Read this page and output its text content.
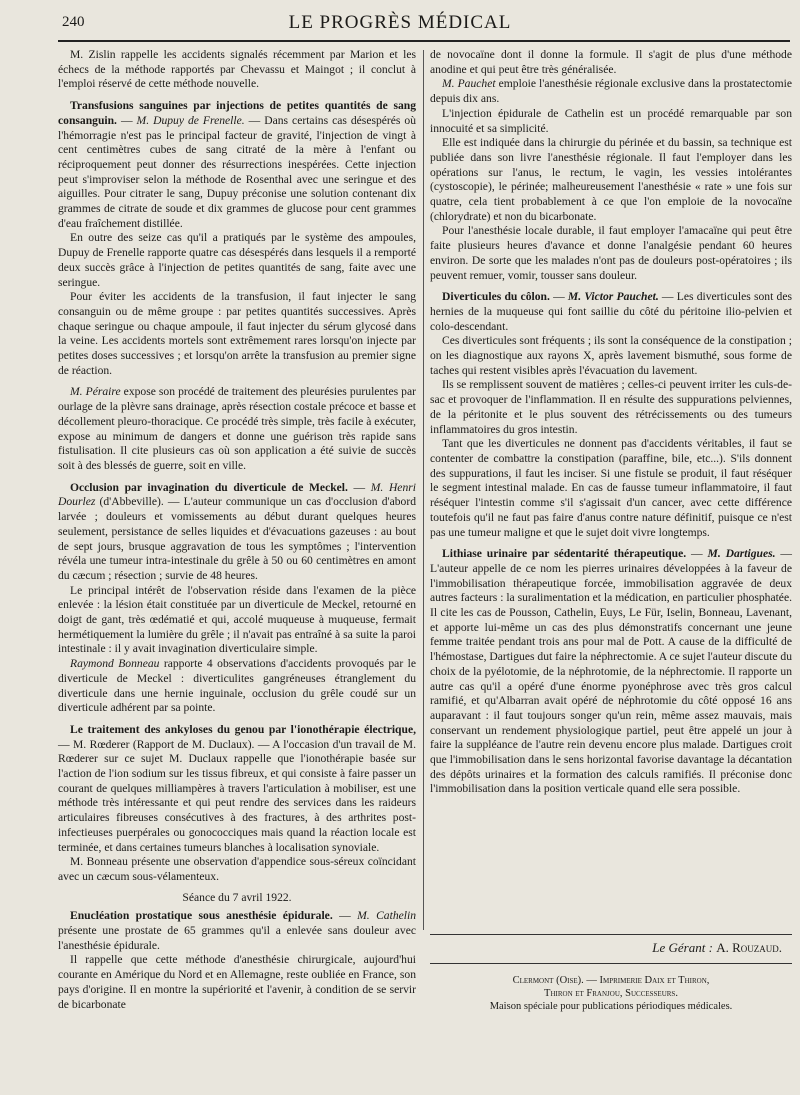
240	LE PROGRÈS MÉDICAL

M. Zislin rappelle les accidents signalés récemment par Marion et les échecs de la méthode rapportés par Chevassu et Maingot ; il conclut à l'emploi réservé de cette méthode nouvelle.

Transfusions sanguines par injections de petites quantités de sang consanguin. — M. Dupuy de Frenelle. — Dans certains cas désespérés où l'hémorragie n'est pas le principal facteur de gravité, l'injection de vingt à cent centimètres cubes de sang citraté de la mère à l'enfant ou réciproquement peut donner des résurrections inespérées. Cette injection peut s'improviser selon la méthode de Rosenthal avec une seringue et des aiguilles. Pour citrater le sang, Dupuy préconise une solution contenant dix grammes de citrate de soude et dix grammes de glucose pour cent grammes d'eau fraîchement distillée.

En outre des seize cas qu'il a pratiqués par le système des ampoules, Dupuy de Frenelle rapporte quatre cas désespérés dans lesquels il a remporté deux succès grâce à l'injection de petites quantités de sang, faite avec une seringue.

Pour éviter les accidents de la transfusion, il faut injecter le sang consanguin ou de même groupe : par petites quantités successives. Après chaque seringue ou chaque ampoule, il faut injecter du sérum glycosé dans la veine. Les accidents mortels sont extrêmement rares lorsqu'on injecte par petites doses successives ; et lorsqu'on arrête la transfusion au premier signe de réaction.

M. Péraire expose son procédé de traitement des pleurésies purulentes par ourlage de la plèvre sans drainage, après résection costale précoce et basse et décollement pleuro-thoracique. Ce procédé très simple, très facile à exécuter, expose au minimum de dangers et donne une guérison très rapide sans fistulisation. Il cite plusieurs cas où son application a été suivie de succès soit à des blessés de guerre, soit en ville.

Occlusion par invagination du diverticule de Meckel. — M. Henri Dourlez (d'Abbeville). — L'auteur communique un cas d'occlusion d'abord larvée ; douleurs et vomissements au début durant quelques heures seulement, persistance de selles liquides et d'évacuations gazeuses : au bout de sept jours, brusque aggravation de tous les symptômes ; l'intervention révéla une tumeur intra-intestinale du grêle à 50 ou 60 centimètres en amont du cæcum ; résection ; survie de 48 heures.

Le principal intérêt de l'observation réside dans l'examen de la pièce enlevée : la lésion était constituée par un diverticule de Meckel, retourné en doigt de gant, très œdématié et qui, accolé muqueuse à muqueuse, fermait hermétiquement la lumière du grêle ; il n'avait pas entraîné à sa suite la paroi intestinale : il y avait invagination diverticulaire simple.

Raymond Bonneau rapporte 4 observations d'accidents provoqués par le diverticule de Meckel : diverticulites gangréneuses étranglement du diverticule dans une hernie inguinale, occlusion du grêle coudé sur un diverticule adhérent par sa pointe.

Le traitement des ankyloses du genou par l'ionothérapie électrique, — M. Rœderer (Rapport de M. Duclaux). — A l'occasion d'un travail de M. Rœderer sur ce sujet M. Duclaux rappelle que l'ionothérapie basée sur l'action de l'ion sodium sur les tissus fibreux, et qui consiste à faire passer un courant de quelques milliampères à travers l'articulation à mobiliser, est une méthode très intéressante et qui peut rendre des services dans les raideurs articulaires fibreuses consécutives à des fractures, à des arthrites post-infectieuses puerpérales ou gonococciques mais quand la réaction locale est terminée, et dans certaines tumeurs blanches à localisation synoviale.

M. Bonneau présente une observation d'appendice sous-séreux coïncidant avec un cæcum sous-vélamenteux.

Séance du 7 avril 1922.

Enucléation prostatique sous anesthésie épidurale. — M. Cathelin présente une prostate de 65 grammes qu'il a enlevée sans douleur avec l'anesthésie épidurale.

Il rappelle que cette méthode d'anesthésie chirurgicale, aujourd'hui courante en Amérique du Nord et en Allemagne, reste oubliée en France, son pays d'origine. Il en montre la supériorité et l'avenir, à condition de se servir de bicarbonate

de novocaïne dont il donne la formule. Il s'agit de plus d'une méthode anodine et qui peut être très généralisée.

M. Pauchet emploie l'anesthésie régionale exclusive dans la prostatectomie depuis dix ans.

L'injection épidurale de Cathelin est un procédé remarquable par son innocuité et sa simplicité.

Elle est indiquée dans la chirurgie du périnée et du bassin, sa technique est publiée dans son livre l'anesthésie régionale. Il faut l'employer dans les opérations sur l'anus, le rectum, le vagin, les vessies intolérantes (cystoscopie), le périnée; malheureusement l'anesthésie « rate » une fois sur quatre, cela tient probablement à ce que l'on emploie de la novocaïne (chlorydrate) et non du bicarbonate.

Pour l'anesthésie locale durable, il faut employer l'amacaïne qui peut être faite plusieurs heures d'avance et donne l'analgésie pendant 60 heures environ. De sorte que les malades n'ont pas de douleurs post-opératoires ; ils peuvent remuer, vomir, tousser sans douleur.

Diverticules du côlon. — M. Victor Pauchet. — Les diverticules sont des hernies de la muqueuse qui font saillie du côté du péritoine ilio-pelvien et colo-descendant.

Ces diverticules sont fréquents ; ils sont la conséquence de la constipation ; on les diagnostique aux rayons X, après lavement bismuthé, sous forme de taches qui restent visibles après l'évacuation du lavement.

Ils se remplissent souvent de matières ; celles-ci peuvent irriter les culs-de-sac et provoquer de l'inflammation. Il en résulte des suppurations pelviennes, de la péritonite et le plus souvent des rétrécissements ou des tumeurs inflammatoires du gros intestin.

Tant que les diverticules ne donnent pas d'accidents véritables, il faut se contenter de combattre la constipation (paraffine, bile, etc...). S'ils donnent des suppurations, il faut les inciser. Si une fistule se produit, il faut réséquer le segment intestinal malade. En cas de fausse tumeur inflammatoire, il faut réséquer l'intestin comme s'il s'agissait d'un cancer, avec cette différence toutefois qu'il ne faut pas faire d'anus contre nature définitif, puisque ce n'est pas une tumeur maligne et que le sujet doit vivre longtemps.

Lithiase urinaire par sédentarité thérapeutique. — M. Dartigues. — L'auteur appelle de ce nom les pierres urinaires développées à la faveur de l'immobilisation thérapeutique forcée, immobilisation aggravée de deux autres facteurs : la suralimentation et la médication, en particulier phosphatée. Il cite les cas de Pousson, Cathelin, Euys, Le Für, Iselin, Bonneau, Lavenant, et apporte lui-même un cas des plus démonstratifs concernant une jeune femme traitée pendant trois ans pour mal de Pott. A cause de la difficulté de l'hémostase, Dartigues dut faire la néphrectomie. A ce sujet l'auteur discute du choix de la pyélotomie, de la néphrotomie, de la néphrectomie. Il rapporte un autre cas qu'il a opéré d'une énorme pyonéphrose avec très gros calcul ramifié, et qu'Albarran avait opéré de néphrotomie du côté opposé 16 ans auparavant : il faut toujours songer qu'un rein, même assez mauvais, mais conservant un rendement physiologique partiel, peut être appelé un jour à faire la suppléance de l'autre rein devenu encore plus malade. Dartigues croit que l'immobilisation dans le sens horizontal favorise davantage la décantation des dépôts urinaires et la formation des calculs ramifiés. Il préconise donc l'immobilisation dans la position verticale quand elle sera possible.

Le Gérant : A. Rouzaud.
Clermont (Oise). — Imprimerie Daix et Thiron,
Thiron et Franjou, Successeurs.
Maison spéciale pour publications périodiques médicales.
